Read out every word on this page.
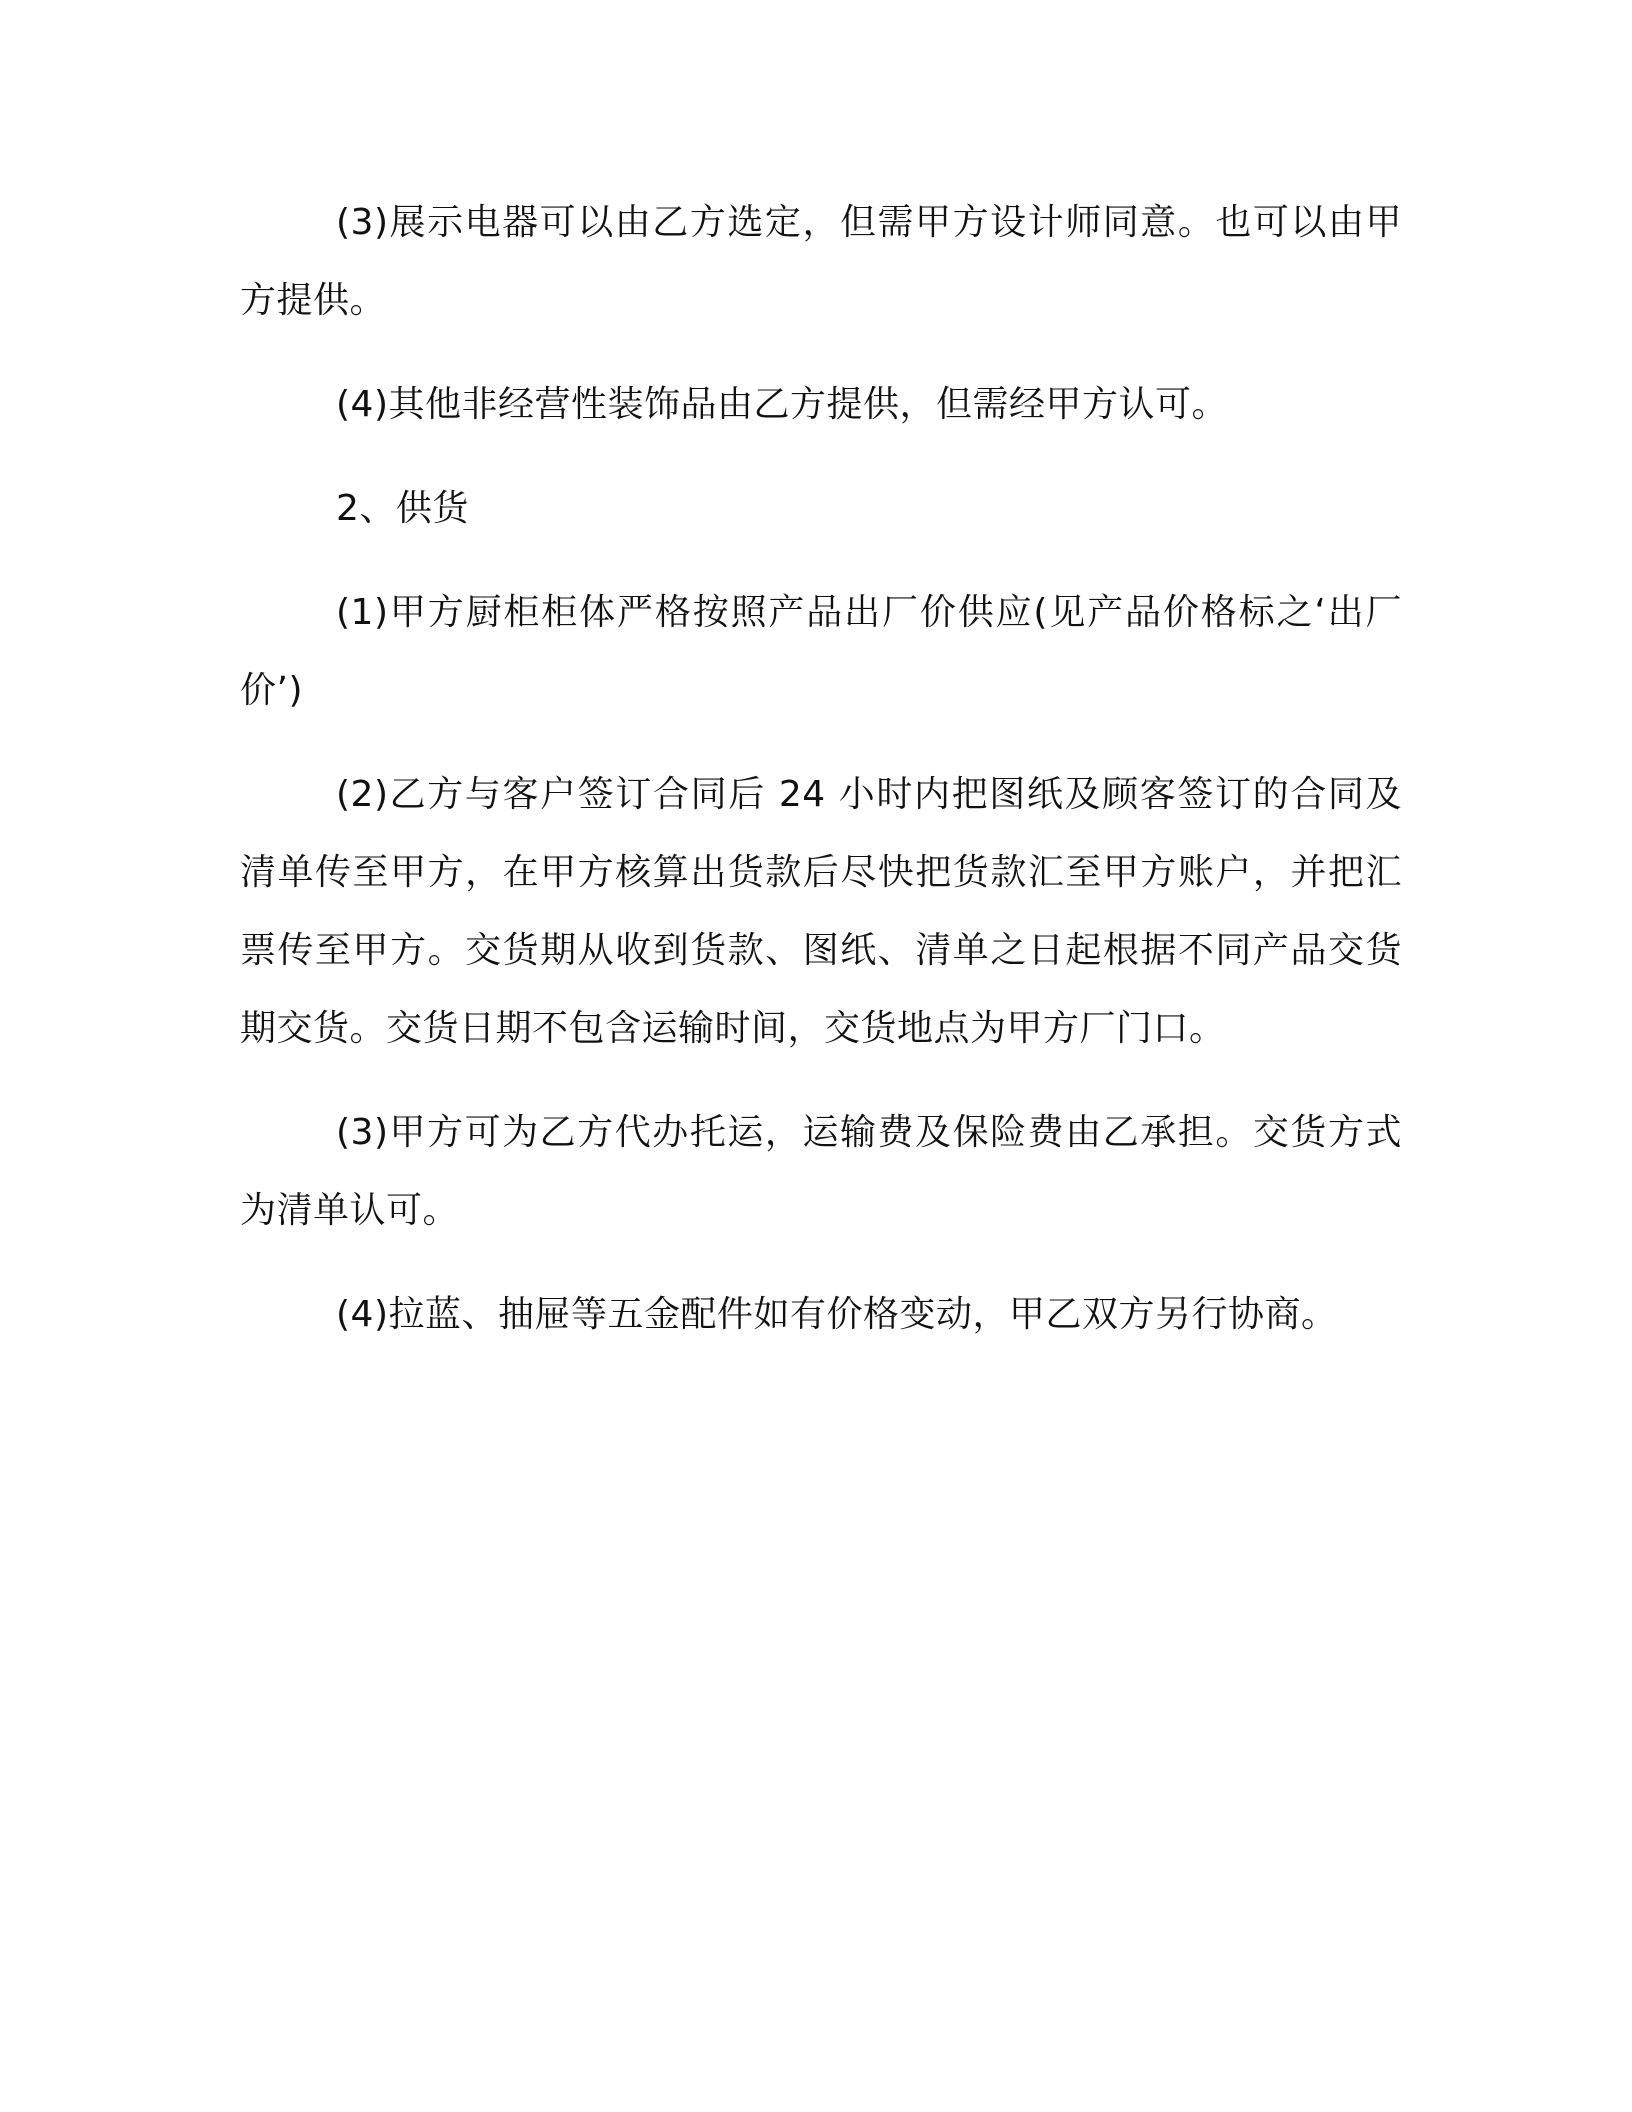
(3)展示电器可以由乙方选定，但需甲方设计师同意。也可以由甲方提供。

(4)其他非经营性装饰品由乙方提供，但需经甲方认可。

2、供货

(1)甲方厨柜柜体严格按照产品出厂价供应(见产品价格标之‘出厂价’)

(2)乙方与客户签订合同后 24 小时内把图纸及顾客签订的合同及清单传至甲方，在甲方核算出货款后尽快把货款汇至甲方账户，并把汇票传至甲方。交货期从收到货款、图纸、清单之日起根据不同产品交货期交货。交货日期不包含运输时间，交货地点为甲方厂门口。

(3)甲方可为乙方代办托运，运输费及保险费由乙承担。交货方式为清单认可。

(4)拉蓝、抽屉等五金配件如有价格变动，甲乙双方另行协商。
